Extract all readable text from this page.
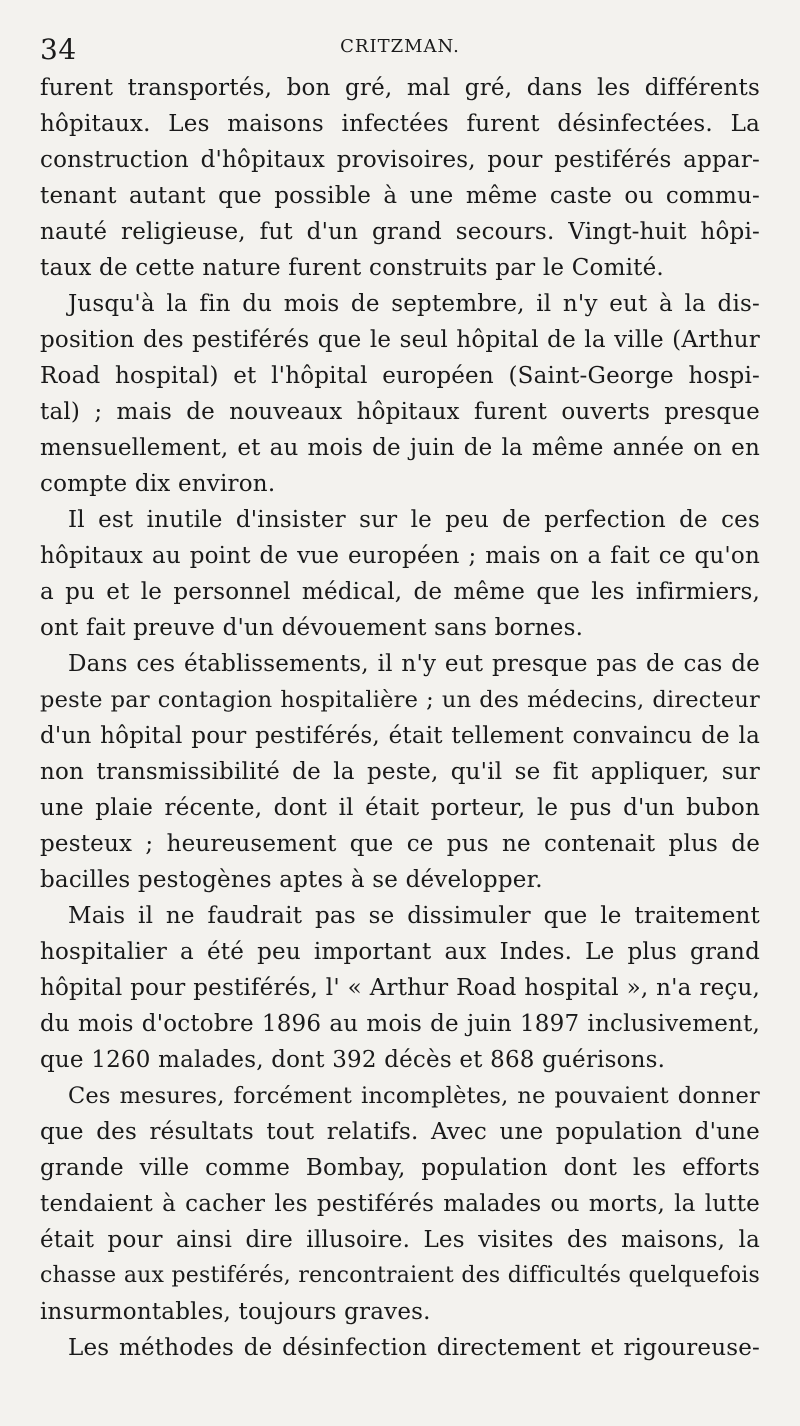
34	CRITZMAN.
furent transportés, bon gré, mal gré, dans les différents
hôpitaux. Les maisons infectées furent désinfectées. La
construction d'hôpitaux provisoires, pour pestiférés appar-
tenant autant que possible à une même caste ou commu-
nauté religieuse, fut d'un grand secours. Vingt-huit hôpi-
taux de cette nature furent construits par le Comité.
Jusqu'à la fin du mois de septembre, il n'y eut à la dis-
position des pestiférés que le seul hôpital de la ville (Arthur
Road hospital) et l'hôpital européen (Saint-George hospi-
tal) ; mais de nouveaux hôpitaux furent ouverts presque
mensuellement, et au mois de juin de la même année on en
compte dix environ.
Il est inutile d'insister sur le peu de perfection de ces
hôpitaux au point de vue européen ; mais on a fait ce qu'on
a pu et le personnel médical, de même que les infirmiers,
ont fait preuve d'un dévouement sans bornes.
Dans ces établissements, il n'y eut presque pas de cas de
peste par contagion hospitalière ; un des médecins, directeur
d'un hôpital pour pestiférés, était tellement convaincu de la
non transmissibilité de la peste, qu'il se fit appliquer, sur
une plaie récente, dont il était porteur, le pus d'un bubon
pesteux ; heureusement que ce pus ne contenait plus de
bacilles pestogènes aptes à se développer.
Mais il ne faudrait pas se dissimuler que le traitement
hospitalier a été peu important aux Indes. Le plus grand
hôpital pour pestiférés, l' « Arthur Road hospital », n'a reçu,
du mois d'octobre 1896 au mois de juin 1897 inclusivement,
que 1260 malades, dont 392 décès et 868 guérisons.
Ces mesures, forcément incomplètes, ne pouvaient donner
que des résultats tout relatifs. Avec une population d'une
grande ville comme Bombay, population dont les efforts
tendaient à cacher les pestiférés malades ou morts, la lutte
était pour ainsi dire illusoire. Les visites des maisons, la
chasse aux pestiférés, rencontraient des difficultés quelquefois
insurmontables, toujours graves.
Les méthodes de désinfection directement et rigoureuse-
